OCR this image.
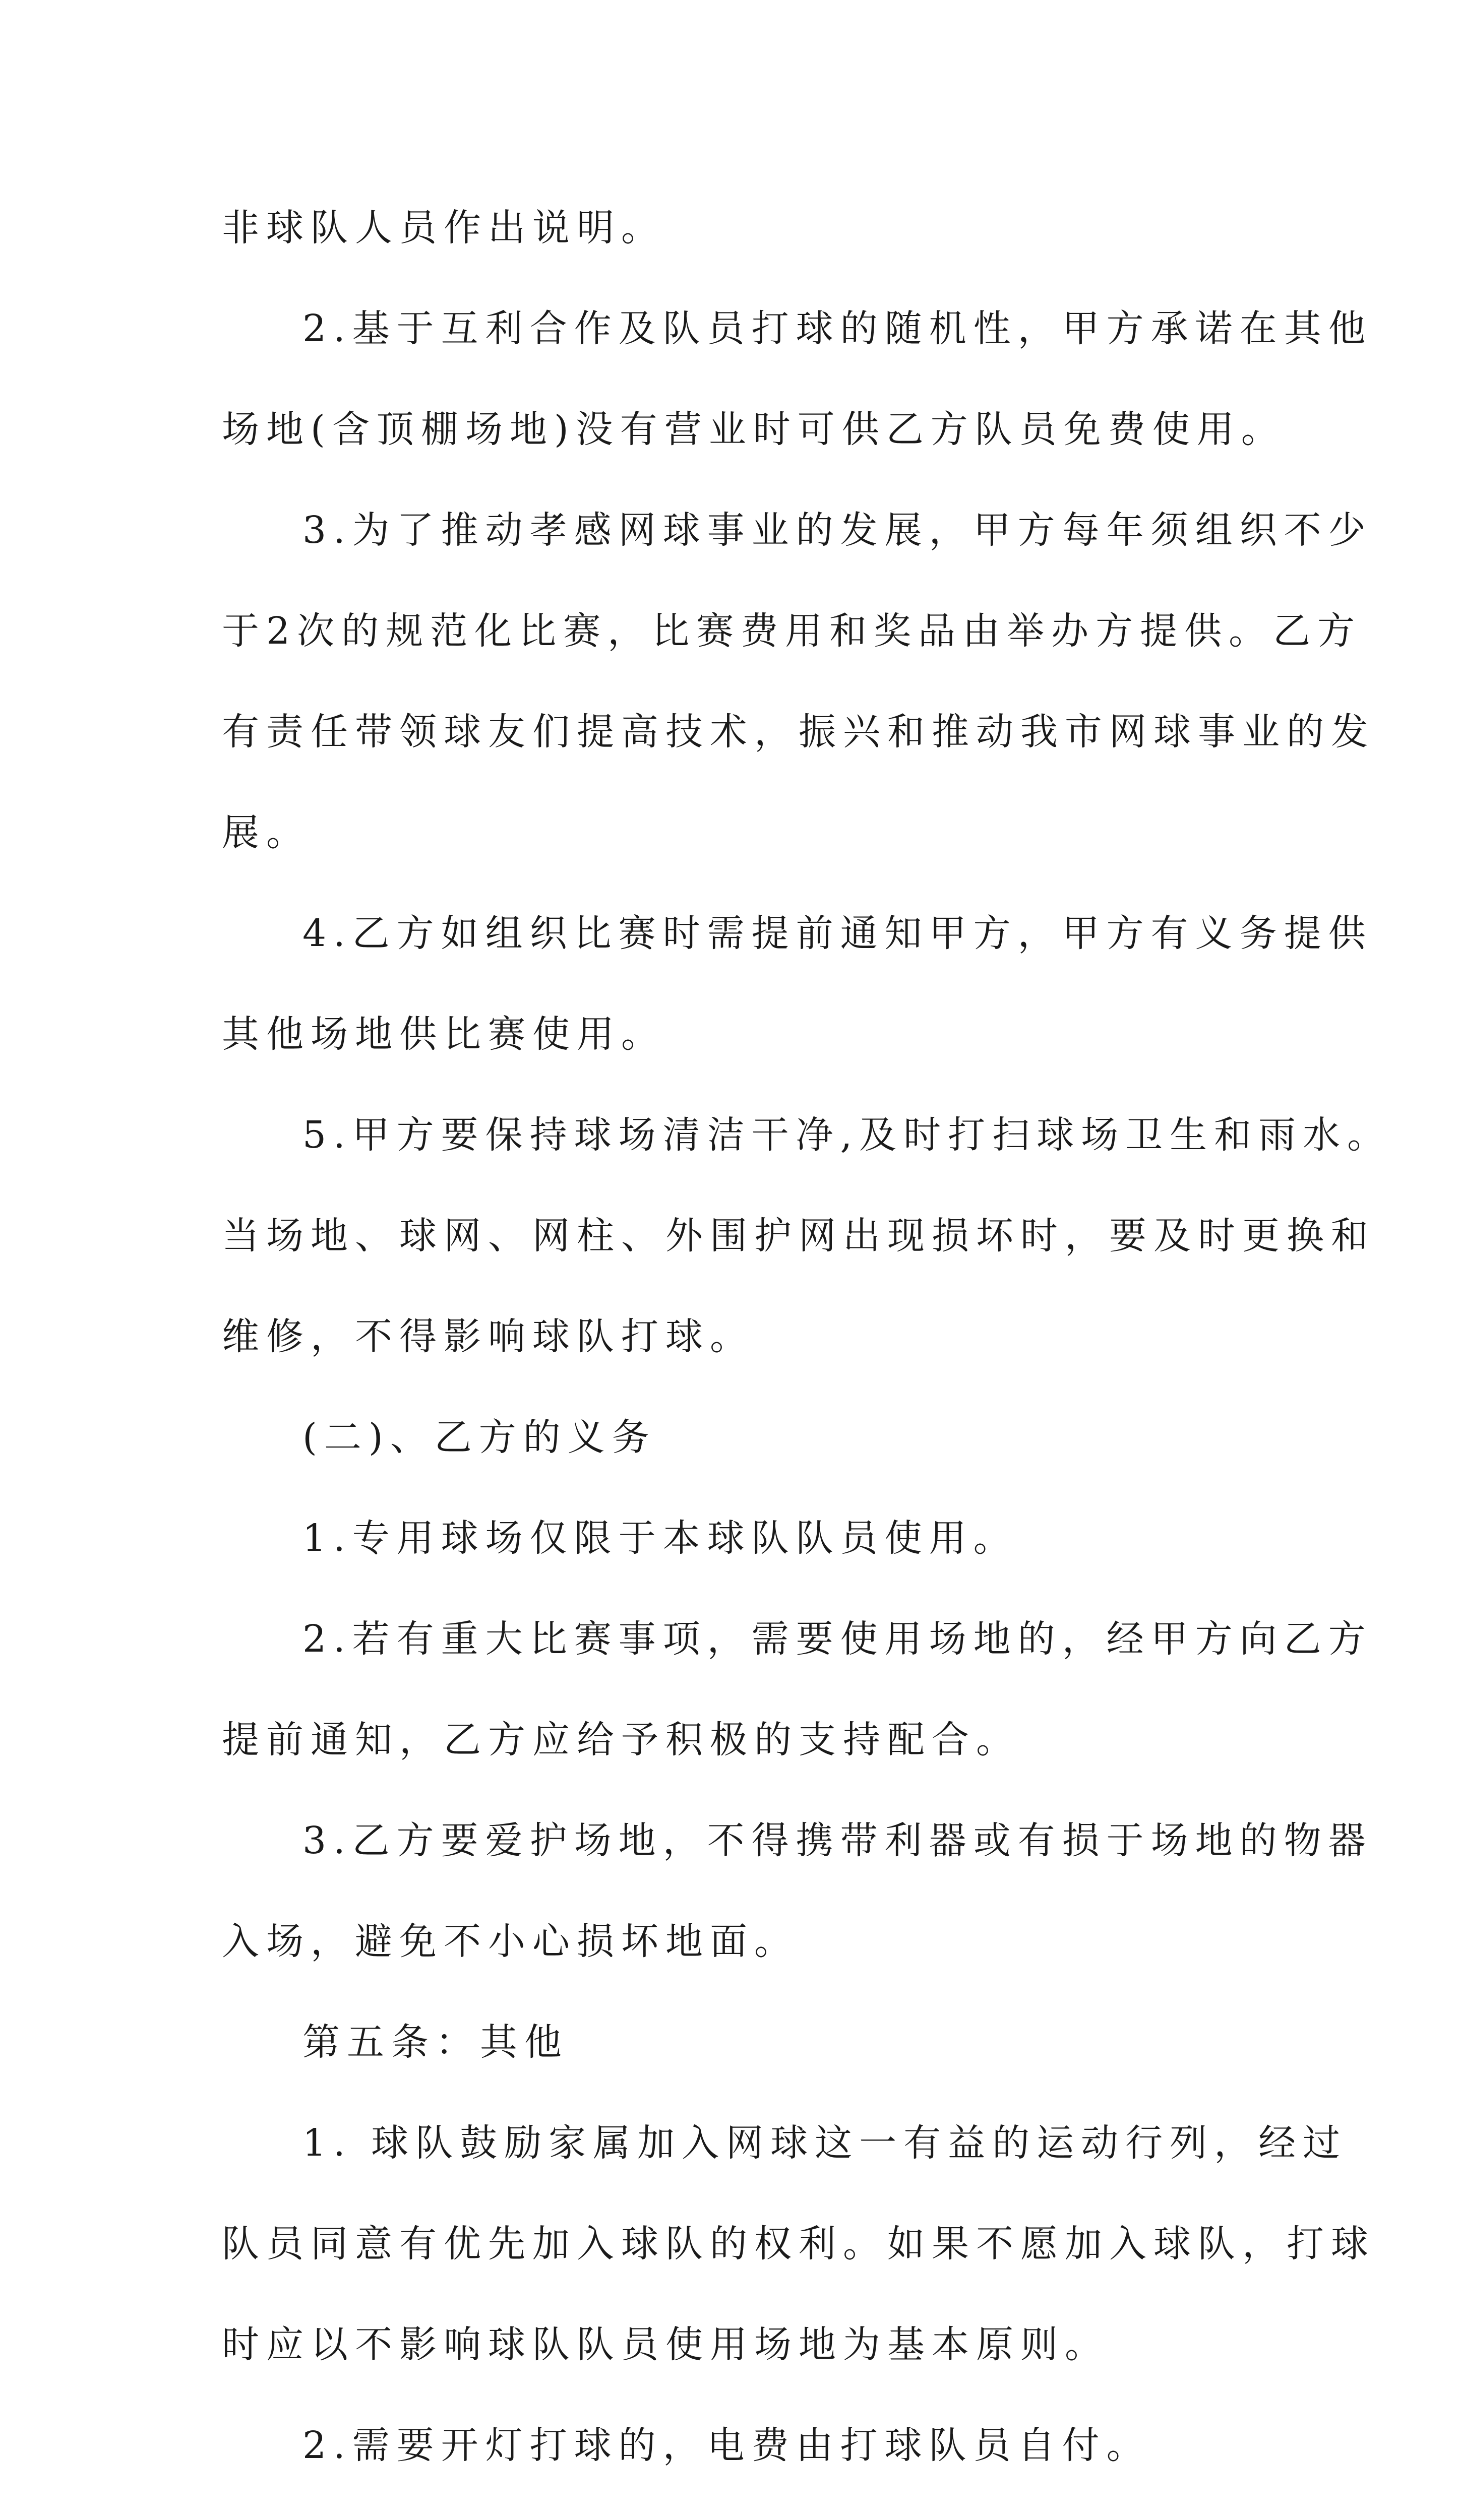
非球队人员作出说明。
2.基于互利合作及队员打球的随机性，甲方承诺在其他
场地(含顶棚场地)没有营业时可供乙方队员免费使用。
3.为了推动孝感网球事业的发展，甲方每年须组织不少
于2次的规范化比赛，比赛费用和奖品由举办方提供。乙方
有责任带领球友们提高技术，振兴和推动我市网球事业的发
展。
4.乙方如组织比赛时需提前通知甲方，甲方有义务提供
其他场地供比赛使用。
5.甲方要保持球场清洁干净,及时打扫球场卫生和雨水。
当场地、球网、网柱、外围护网出现损坏时，要及时更换和
维修，不得影响球队打球。
(二)、乙方的义务
1.专用球场仅限于本球队队员使用。
2.若有重大比赛事项，需要使用场地的，经甲方向乙方
提前通知，乙方应给予积极的支持配合。
3.乙方要爱护场地，不得携带利器或有损于场地的物器
入场，避免不小心损坏地面。
第五条：其他
1. 球队鼓励家属加入网球这一有益的运动行列，经过
队员同意有优先加入球队的权利。如果不愿加入球队，打球
时应以不影响球队队员使用场地为基本原则。
2.需要开灯打球的，电费由打球队员自付。
